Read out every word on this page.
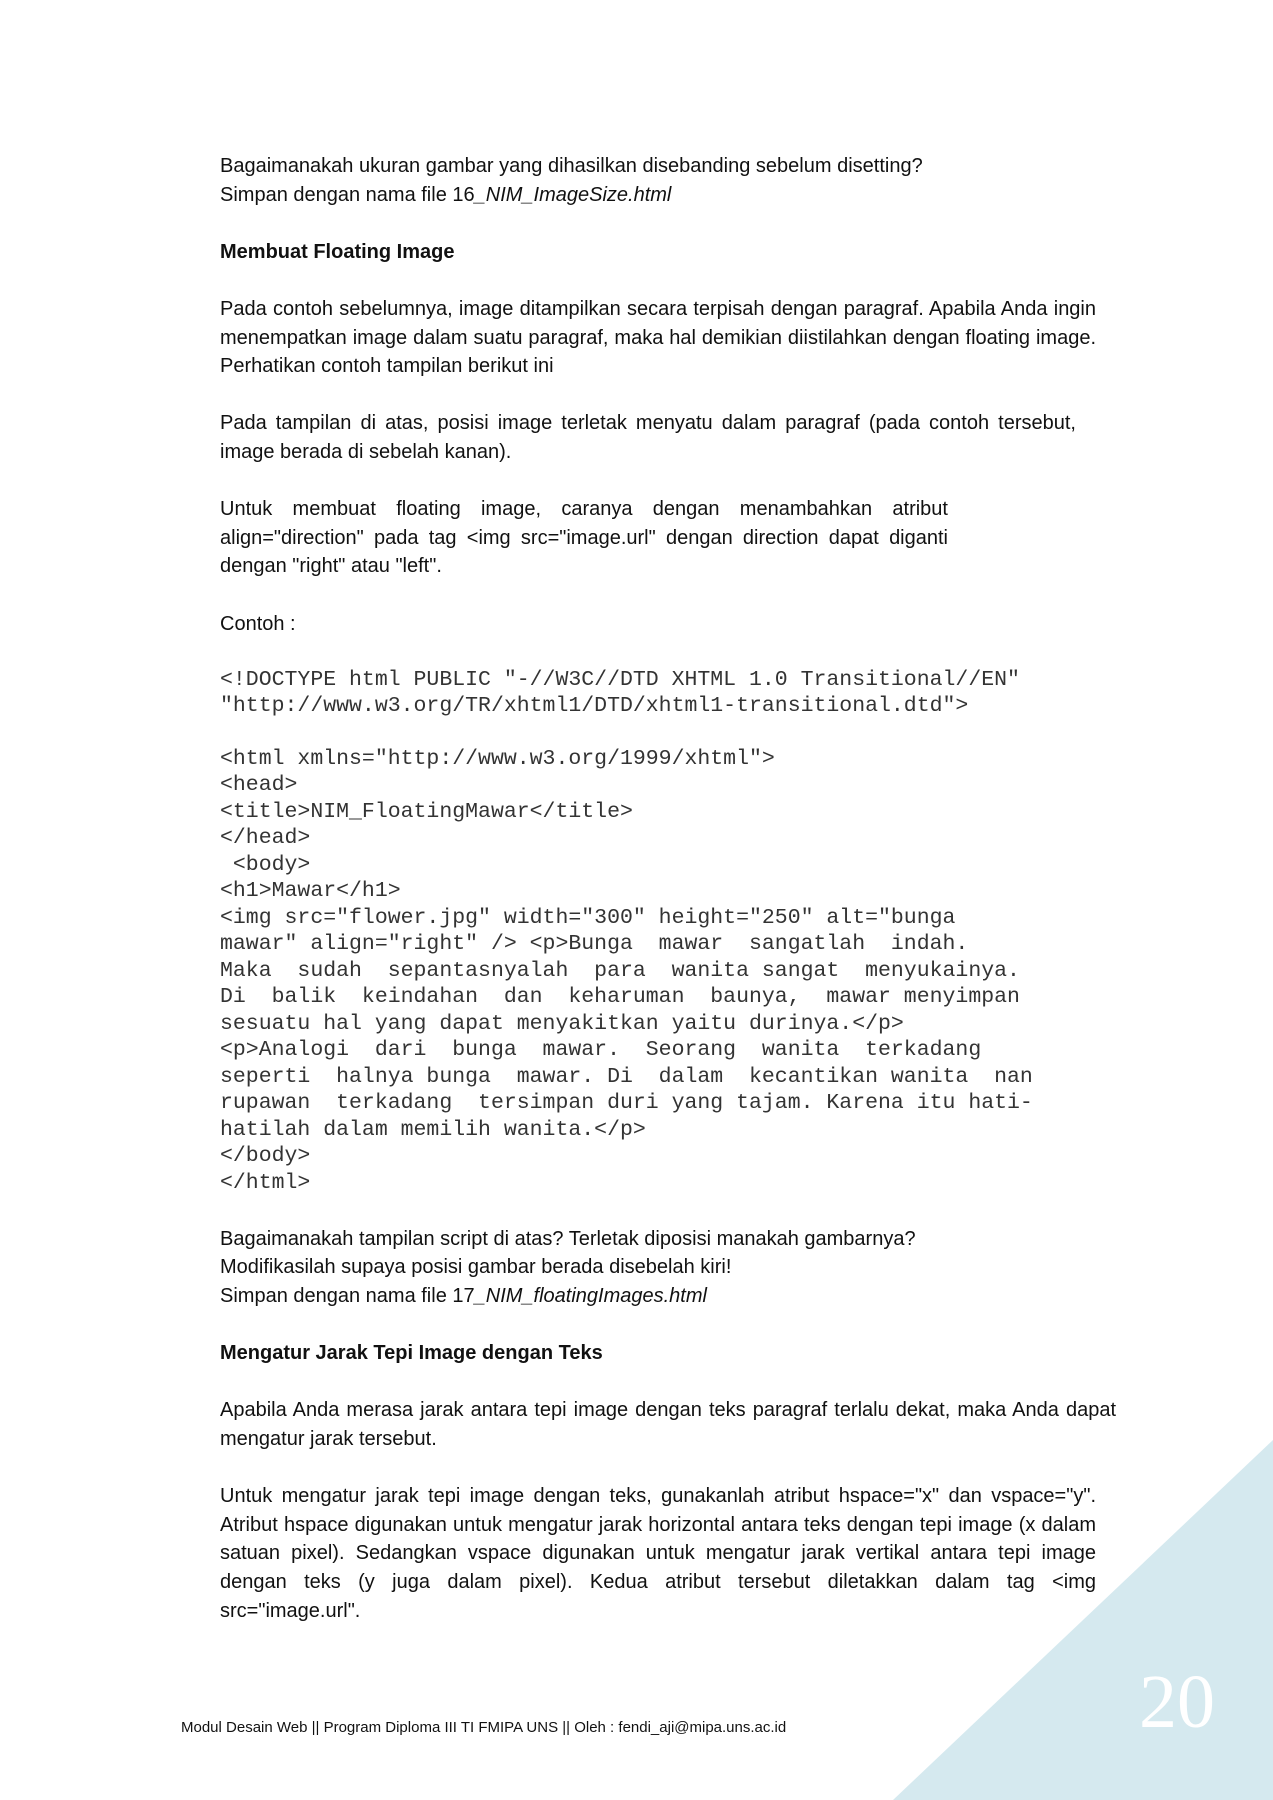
Bagaimanakah ukuran gambar yang dihasilkan disebanding sebelum disetting?

Simpan dengan nama file 16_NIM_ImageSize.html

Membuat Floating Image

Pada contoh sebelumnya, image ditampilkan secara terpisah dengan paragraf. Apabila Anda ingin menempatkan image dalam suatu paragraf, maka hal demikian diistilahkan dengan floating image. Perhatikan contoh tampilan berikut ini

Pada tampilan di atas, posisi image terletak menyatu dalam paragraf (pada contoh tersebut, image berada di sebelah kanan).

Untuk membuat floating image, caranya dengan menambahkan atribut align="direction" pada tag <img src="image.url" dengan direction dapat diganti dengan "right" atau "left".

Contoh :

<!DOCTYPE html PUBLIC "-//W3C//DTD XHTML 1.0 Transitional//EN"
"http://www.w3.org/TR/xhtml1/DTD/xhtml1-transitional.dtd">
<html xmlns="http://www.w3.org/1999/xhtml">
<head>
<title>NIM_FloatingMawar</title>
</head>
<body>
<h1>Mawar</h1>
<img src="flower.jpg" width="300" height="250" alt="bunga
mawar" align="right" /> <p>Bunga  mawar  sangatlah  indah.
Maka  sudah  sepantasnyalah  para  wanita sangat  menyukainya.
Di  balik  keindahan  dan  keharuman  baunya,  mawar menyimpan
sesuatu hal yang dapat menyakitkan yaitu durinya.</p>
<p>Analogi  dari  bunga  mawar.  Seorang  wanita  terkadang
seperti  halnya bunga  mawar. Di  dalam  kecantikan wanita  nan
rupawan  terkadang  tersimpan duri yang tajam. Karena itu hati-
hatilah dalam memilih wanita.</p>
</body>
</html>

Bagaimanakah tampilan script di atas? Terletak diposisi manakah gambarnya?

Modifikasilah supaya posisi gambar berada disebelah kiri!

Simpan dengan nama file 17_NIM_floatingImages.html

Mengatur Jarak Tepi Image dengan Teks

Apabila Anda merasa jarak antara tepi image dengan teks paragraf terlalu dekat, maka Anda dapat mengatur jarak tersebut.

Untuk mengatur jarak tepi image dengan teks, gunakanlah atribut hspace="x" dan vspace="y". Atribut hspace digunakan untuk mengatur jarak horizontal antara teks dengan tepi image (x dalam satuan pixel). Sedangkan vspace digunakan untuk mengatur jarak vertikal antara tepi image dengan teks (y juga dalam pixel). Kedua atribut tersebut diletakkan dalam tag <img src="image.url".

20
Modul Desain Web || Program Diploma III TI FMIPA UNS || Oleh : fendi_aji@mipa.uns.ac.id
